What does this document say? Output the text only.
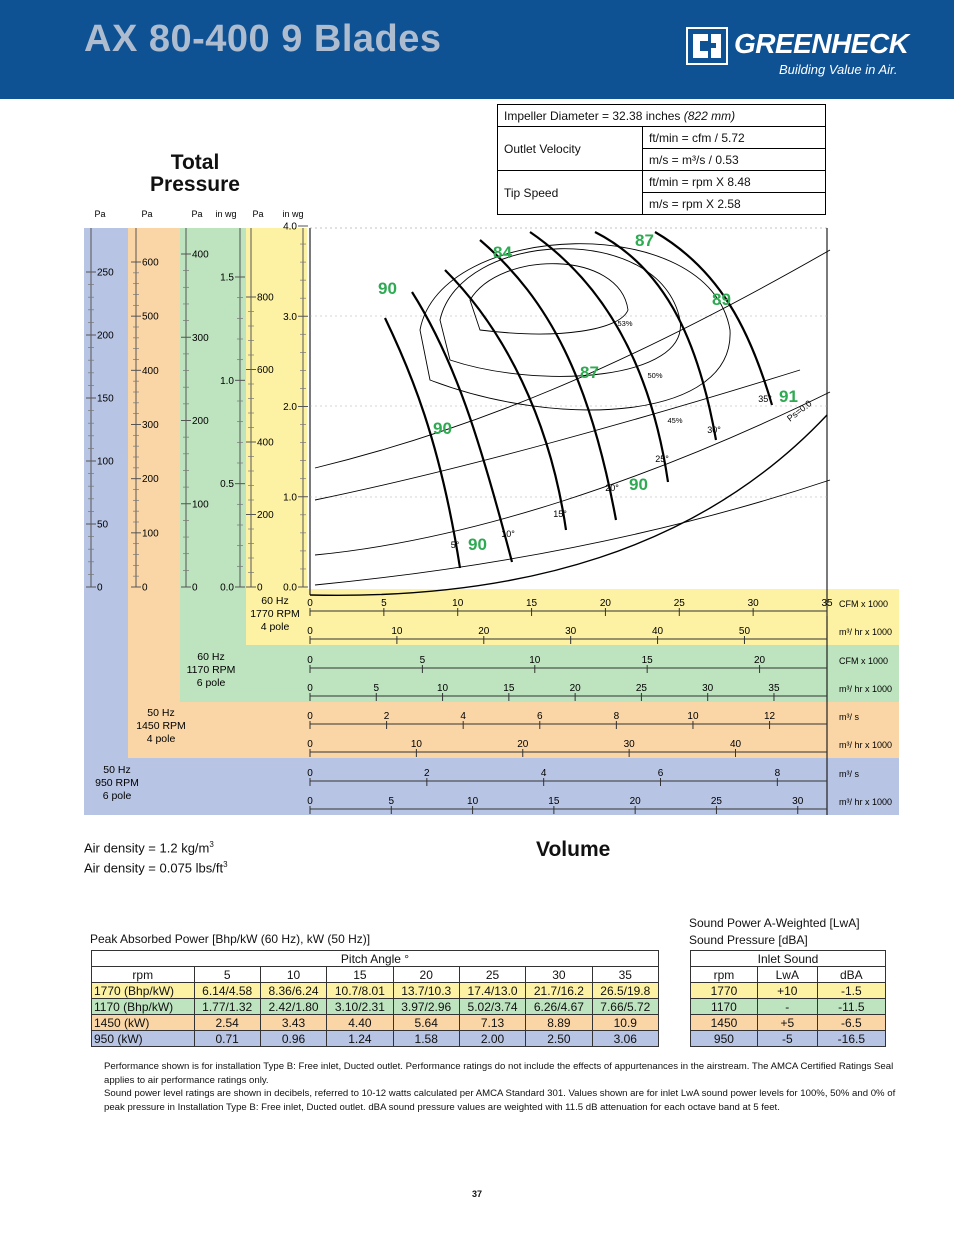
AX 80-400 9 Blades	GREENHECK
Building Value in Air.
Impeller Diameter = 32.38 inches (822 mm)	
Outlet Velocity	ft/min = cfm / 5.72
	m/s = m³/s / 0.53
Tip Speed	ft/min = rpm X 8.48
	m/s = rpm X 2.58
Total
Pressure
250
200
150
100
50
0
600
500
400
300
200
100
0
400
300
200
100
0
1.5
1.0
0.5
0.0
800
600
400
200
0
4.0
3.0
2.0
1.0
0.0
Pa	Pa	Pa	Pa
in wg	in wg
0	5	10	15	20	25	30	35
0	10	20	30	40	50
CFM x 1000
m³/ hr x 1000
60 Hz
1770 RPM
4 pole
0	5	10	15	20
0	5	10	15	20	25	30	35
CFM x 1000
m³/ hr x 1000
60 Hz
1170 RPM
6 pole
0	2	4	6	8	10	12
0	10	20	30	40
m³/ s
m³/ hr x 1000
50 Hz
1450 RPM
4 pole
0	2	4	6	8
0	5	10	15	20	25	30
m³/ s
m³/ hr x 1000
50 Hz
950 RPM
6 pole
5°
10°
15°
20°
25°
30°
35°
53%
50%
45%	Ps=0.0
84
87
90
89
87
90
91
90
90
Air density = 1.2 $kg/m^3$
Air density = 0.075 lbs/$ft^3$
Volume
Peak Absorbed Power [Bhp/kW (60 Hz), kW (50 Hz)]
Sound Power A-Weighted [LwA]
Sound Pressure [dBA]
Pitch Angle °							
rpm	5	10	15	20	25	30	35
1770 (Bhp/kW)	6.14/4.58	8.36/6.24	10.7/8.01	13.7/10.3	17.4/13.0	21.7/16.2	26.5/19.8
1170 (Bhp/kW)	1.77/1.32	2.42/1.80	3.10/2.31	3.97/2.96	5.02/3.74	6.26/4.67	7.66/5.72
1450 (kW)	2.54	3.43	4.40	5.64	7.13	8.89	10.9
950 (kW)	0.71	0.96	1.24	1.58	2.00	2.50	3.06
Inlet Sound		
rpm	LwA	dBA
1770	+10	-1.5
1170	-	-11.5
1450	+5	-6.5
950	-5	-16.5
Performance shown is for installation Type B: Free inlet, Ducted outlet. Performance ratings do not include the effects of appurtenances in the airstream. The AMCA Certified Ratings Seal applies to air performance ratings only.
Sound power level ratings are shown in decibels, referred to 10-12 watts calculated per AMCA Standard 301. Values shown are for inlet LwA sound power levels for 100%, 50% and 0% of peak pressure in Installation Type B: Free inlet, Ducted outlet. dBA sound pressure values are weighted with 11.5 dB attenuation for each octave band at 5 feet.
37
